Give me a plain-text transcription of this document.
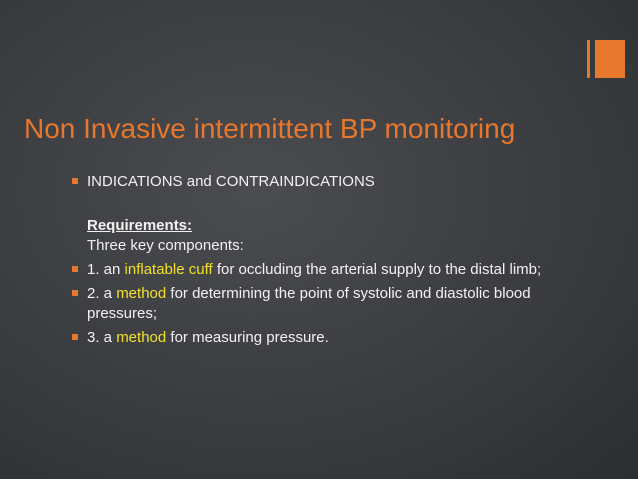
Non Invasive intermittent BP monitoring
INDICATIONS and CONTRAINDICATIONS
Requirements:
Three key components:
1. an inflatable cuff for occluding the arterial supply to the distal limb;
2. a method for determining the point of systolic and diastolic blood pressures;
3. a method for measuring pressure.
